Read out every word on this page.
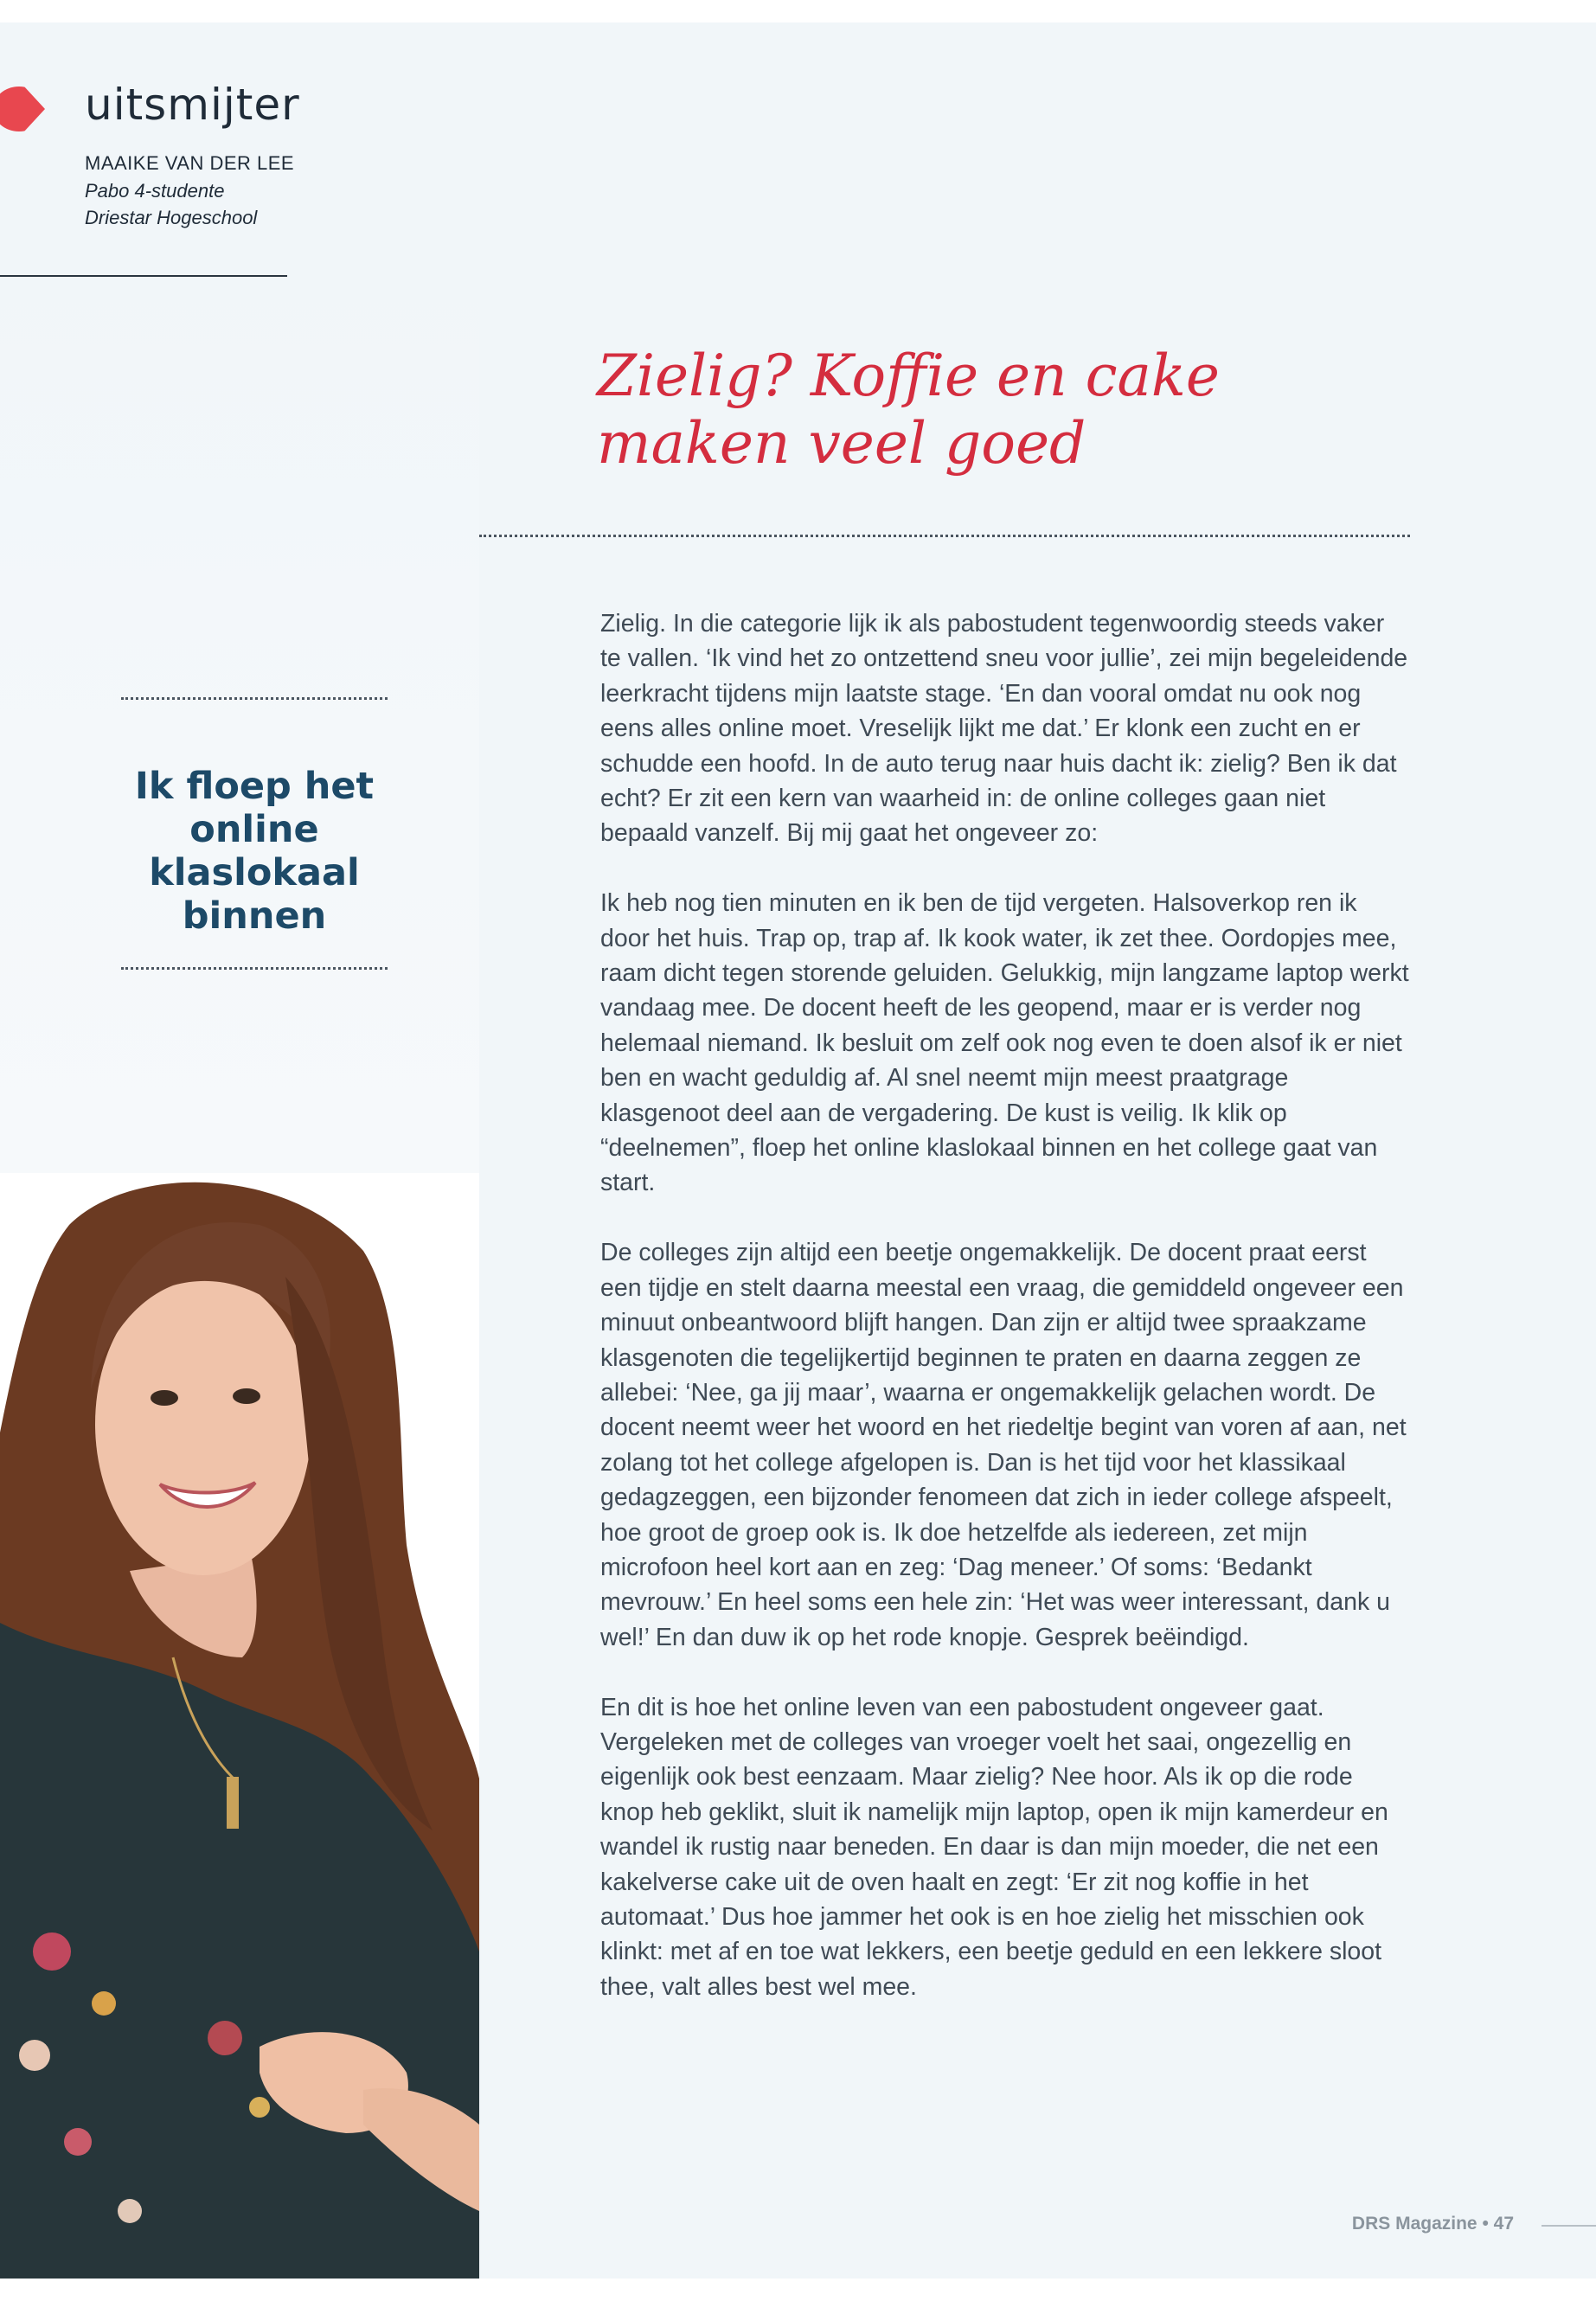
uitsmijter
MAAIKE VAN DER LEE
Pabo 4-studente
Driestar Hogeschool
Ik floep het online klaslokaal binnen
Zielig? Koffie en cake
maken veel goed

Zielig. In die categorie lijk ik als pabostudent tegenwoordig steeds vaker te vallen. ‘Ik vind het zo ontzettend sneu voor jullie’, zei mijn begeleidende leerkracht tijdens mijn laatste stage. ‘En dan vooral omdat nu ook nog eens alles online moet. Vreselijk lijkt me dat.’ Er klonk een zucht en er schudde een hoofd. In de auto terug naar huis dacht ik: zielig? Ben ik dat echt? Er zit een kern van waarheid in: de online colleges gaan niet bepaald vanzelf. Bij mij gaat het ongeveer zo:

Ik heb nog tien minuten en ik ben de tijd vergeten. Halsoverkop ren ik door het huis. Trap op, trap af. Ik kook water, ik zet thee. Oordopjes mee, raam dicht tegen storende geluiden. Gelukkig, mijn langzame laptop werkt vandaag mee. De docent heeft de les geopend, maar er is verder nog helemaal niemand. Ik besluit om zelf ook nog even te doen alsof ik er niet ben en wacht geduldig af. Al snel neemt mijn meest praatgrage klasgenoot deel aan de vergadering. De kust is veilig. Ik klik op “deelnemen”, floep het online klaslokaal binnen en het college gaat van start.

De colleges zijn altijd een beetje ongemakkelijk. De docent praat eerst een tijdje en stelt daarna meestal een vraag, die gemiddeld ongeveer een minuut onbeantwoord blijft hangen. Dan zijn er altijd twee spraakzame klasgenoten die tegelijkertijd beginnen te praten en daarna zeggen ze allebei: ‘Nee, ga jij maar’, waarna er ongemakkelijk gelachen wordt. De docent neemt weer het woord en het riedeltje begint van voren af aan, net zolang tot het college afgelopen is. Dan is het tijd voor het klassikaal gedagzeggen, een bijzonder fenomeen dat zich in ieder college afspeelt, hoe groot de groep ook is. Ik doe hetzelfde als iedereen, zet mijn microfoon heel kort aan en zeg: ‘Dag meneer.’ Of soms: ‘Bedankt mevrouw.’ En heel soms een hele zin: ‘Het was weer interessant, dank u wel!’ En dan duw ik op het rode knopje. Gesprek beëindigd.

En dit is hoe het online leven van een pabostudent ongeveer gaat. Vergeleken met de colleges van vroeger voelt het saai, ongezellig en eigenlijk ook best eenzaam. Maar zielig? Nee hoor. Als ik op die rode knop heb geklikt, sluit ik namelijk mijn laptop, open ik mijn kamerdeur en wandel ik rustig naar beneden. En daar is dan mijn moeder, die net een kakelverse cake uit de oven haalt en zegt: ‘Er zit nog koffie in het automaat.’ Dus hoe jammer het ook is en hoe zielig het misschien ook klinkt: met af en toe wat lekkers, een beetje geduld en een lekkere sloot thee, valt alles best wel mee.

DRS Magazine • 47
